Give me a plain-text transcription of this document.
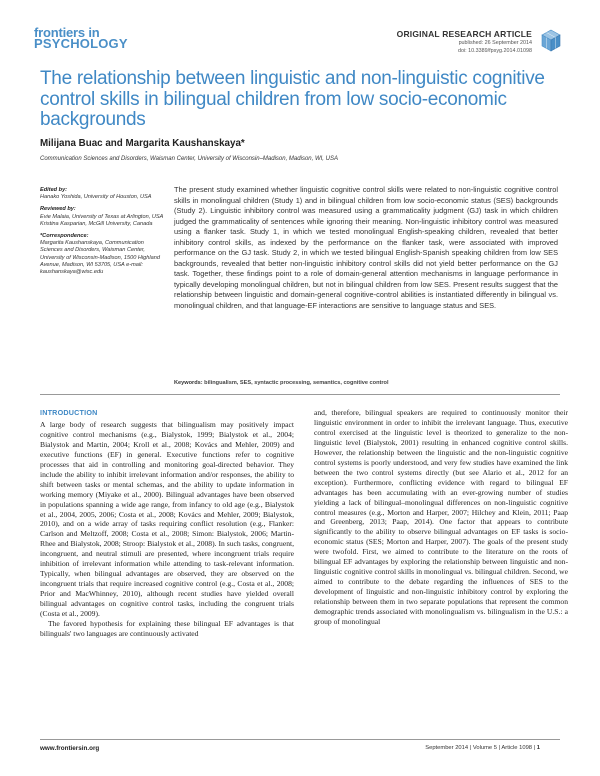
frontiers in
PSYCHOLOGY
ORIGINAL RESEARCH ARTICLE
published: 26 September 2014
doi: 10.3389/fpsyg.2014.01098
The relationship between linguistic and non-linguistic cognitive control skills in bilingual children from low socio-economic backgrounds
Milijana Buac and Margarita Kaushanskaya*
Communication Sciences and Disorders, Waisman Center, University of Wisconsin–Madison, Madison, WI, USA
Edited by:
Hanako Yoshida, University of Houston, USA
Reviewed by:
Evie Malaia, University of Texas at Arlington, USA Kristina Kasparian, McGill University, Canada
*Correspondence:
Margarita Kaushanskaya, Communication Sciences and Disorders, Waisman Center, University of Wisconsin-Madison, 1500 Highland Avenue, Madison, WI 53705, USA e-mail: kaushanskaya@wisc.edu
The present study examined whether linguistic cognitive control skills were related to non-linguistic cognitive control skills in monolingual children (Study 1) and in bilingual children from low socio-economic status (SES) backgrounds (Study 2). Linguistic inhibitory control was measured using a grammaticality judgment (GJ) task in which children judged the grammaticality of sentences while ignoring their meaning. Non-linguistic inhibitory control was measured using a flanker task. Study 1, in which we tested monolingual English-speaking children, revealed that better inhibitory control skills, as indexed by the performance on the flanker task, were associated with improved performance on the GJ task. Study 2, in which we tested bilingual English-Spanish speaking children from low SES backgrounds, revealed that better non-linguistic inhibitory control skills did not yield better performance on the GJ task. Together, these findings point to a role of domain-general attention mechanisms in language performance in typically developing monolingual children, but not in bilingual children from low SES. Present results suggest that the relationship between linguistic and domain-general cognitive-control abilities is instantiated differently in bilingual vs. monolingual children, and that language-EF interactions are sensitive to language status and SES.
Keywords: bilingualism, SES, syntactic processing, semantics, cognitive control
INTRODUCTION

A large body of research suggests that bilingualism may positively impact cognitive control mechanisms (e.g., Bialystok, 1999; Bialystok et al., 2004; Bialystok and Martin, 2004; Kroll et al., 2008; Kovács and Mehler, 2009) and executive functions (EF) in general. Executive functions refer to cognitive processes that aid in controlling and monitoring goal-directed behavior. They include the ability to inhibit irrelevant information and/or responses, the ability to shift between tasks or mental schemas, and the ability to update information in working memory (Miyake et al., 2000). Bilingual advantages have been observed in populations spanning a wide age range, from infancy to old age (e.g., Bialystok et al., 2004, 2005, 2006; Costa et al., 2008; Kovács and Mehler, 2009; Bialystok, 2010), and on a wide array of tasks requiring conflict resolution (e.g., Flanker: Carlson and Meltzoff, 2008; Costa et al., 2008; Simon: Bialystok, 2006; Martin-Rhee and Bialystok, 2008; Stroop: Bialystok et al., 2008). In such tasks, congruent, incongruent, and neutral stimuli are presented, where incongruent trials require inhibition of irrelevant information while attending to task-relevant information. Typically, when bilingual advantages are observed, they are observed on the incongruent trials that require increased cognitive control (e.g., Costa et al., 2008; Prior and MacWhinney, 2010), although recent studies have yielded overall bilingual advantages on cognitive control tasks, including the congruent trials (Costa et al., 2009).

The favored hypothesis for explaining these bilingual EF advantages is that bilinguals' two languages are continuously activated

and, therefore, bilingual speakers are required to continuously monitor their linguistic environment in order to inhibit the irrelevant language. Thus, executive control exercised at the linguistic level is theorized to generalize to the non-linguistic level (Bialystok, 2001) resulting in enhanced cognitive control skills. However, the relationship between the linguistic and the non-linguistic cognitive control systems is poorly understood, and very few studies have examined the link between the two control systems directly (but see Alario et al., 2012 for an exception). Furthermore, conflicting evidence with regard to bilingual EF advantages has been accumulating with an ever-growing number of studies yielding a lack of bilingual–monolingual differences on non-linguistic cognitive control measures (e.g., Morton and Harper, 2007; Hilchey and Klein, 2011; Paap and Greenberg, 2013; Paap, 2014). One factor that appears to contribute significantly to the ability to observe bilingual advantages on EF tasks is socio-economic status (SES; Morton and Harper, 2007). The goals of the present study were twofold. First, we aimed to contribute to the literature on the roots of bilingual EF advantages by exploring the relationship between linguistic and non-linguistic cognitive control skills in monolingual vs. bilingual children. Second, we aimed to contribute to the debate regarding the influences of SES to the development of linguistic and non-linguistic inhibitory control by exploring the relationship between them in two separate populations that represent the common demographic trends associated with monolingualism vs. bilingualism in the U.S.: a group of monolingual

www.frontiersin.org	September 2014 | Volume 5 | Article 1098 | 1
